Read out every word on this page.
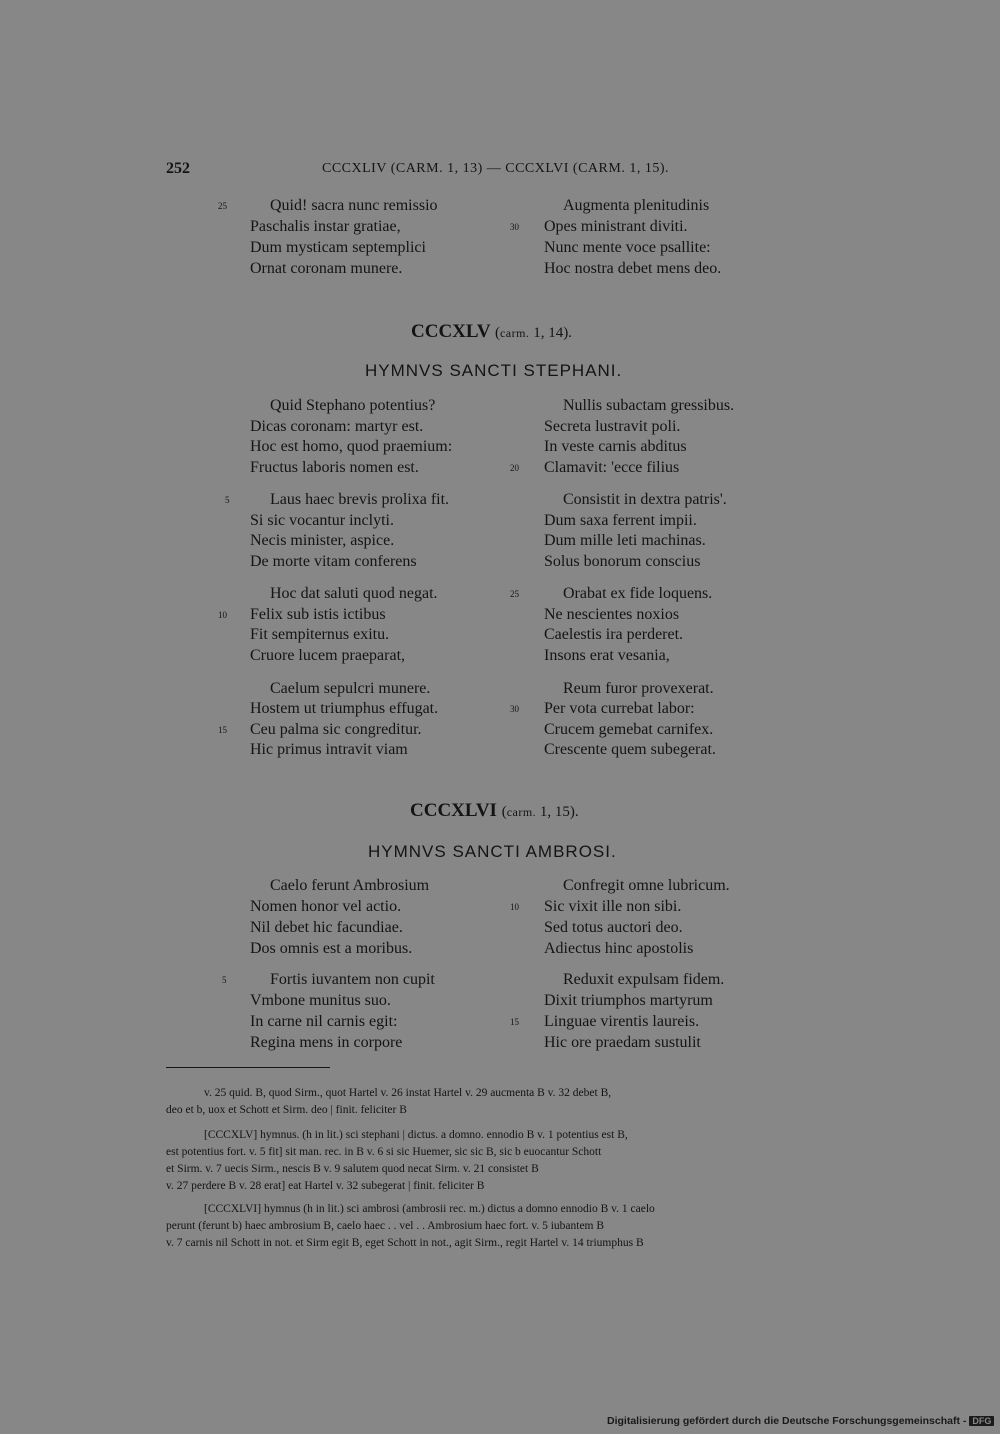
252	CCCXLIV (CARM. 1, 13) — CCCXLVI (CARM. 1, 15).
25	Quid! sacra nunc remissio
Paschalis instar gratiae,
Dum mysticam septemplici
Ornat coronam munere.
30
Augmenta plenitudinis
Opes ministrant diviti.
Nunc mente voce psallite:
Hoc nostra debet mens deo.
CCCXLV (carm. 1, 14).
HYMNVS SANCTI STEPHANI.
Quid Stephano potentius?
Dicas coronam: martyr est.
Hoc est homo, quod praemium:
Fructus laboris nomen est.
5	Laus haec brevis prolixa fit.
Si sic vocantur inclyti.
Necis minister, aspice.
De morte vitam conferens
Hoc dat saluti quod negat.
10 Felix sub istis ictibus
Fit sempiternus exitu.
Cruore lucem praeparat,
Caelum sepulcri munere.
Hostem ut triumphus effugat.
15 Ceu palma sic congreditur.
Hic primus intravit viam
Nullis subactam gressibus.
Secreta lustravit poli.
In veste carnis abditus
20 Clamavit: 'ecce filius
Consistit in dextra patris'.
Dum saxa ferrent impii.
Dum mille leti machinas.
Solus bonorum conscius
25	Orabat ex fide loquens.
Ne nescientes noxios
Caelestis ira perderet.
Insons erat vesania,
Reum furor provexerat.
30 Per vota currebat labor:
Crucem gemebat carnifex.
Crescente quem subegerat.
CCCXLVI (carm. 1, 15).
HYMNVS SANCTI AMBROSI.
Caelo ferunt Ambrosium
Nomen honor vel actio.
Nil debet hic facundiae.
Dos omnis est a moribus.
5	Fortis iuvantem non cupit
Vmbone munitus suo.
In carne nil carnis egit:
Regina mens in corpore
Confregit omne lubricum.
10 Sic vixit ille non sibi.
Sed totus auctori deo.
Adiectus hinc apostolis
Reduxit expulsam fidem.
Dixit triumphos martyrum
15 Linguae virentis laureis.
Hic ore praedam sustulit
v. 25 quid. B, quod Sirm., quot Hartel v. 26 instat Hartel v. 29 aucmenta B v. 32 debet B,
deo et b, uox et Schott et Sirm. deo | finit. feliciter B
[CCCXLV] hymnus. (h in lit.) sci stephani | dictus. a domno. ennodio B v. 1 potentius est B,
est potentius fort. v. 5 fit] sit man. rec. in B v. 6 si sic Huemer, sic sic B, sic b euocantur Schott
et Sirm. v. 7 uecis Sirm., nescis B v. 9 salutem quod necat Sirm. v. 21 consistet B
v. 27 perdere B v. 28 erat] eat Hartel v. 32 subegerat | finit. feliciter B
[CCCXLVI] hymnus (h in lit.) sci ambrosi (ambrosii rec. m.) dictus a domno ennodio B v. 1 caelo
perunt (ferunt b) haec ambrosium B, caelo haec . . vel . . Ambrosium haec fort. v. 5 iubantem B
v. 7 carnis nil Schott in not. et Sirm egit B, eget Schott in not., agit Sirm., regit Hartel v. 14 triumphus B
Digitalisierung gefördert durch die Deutsche Forschungsgemeinschaft - DFG
